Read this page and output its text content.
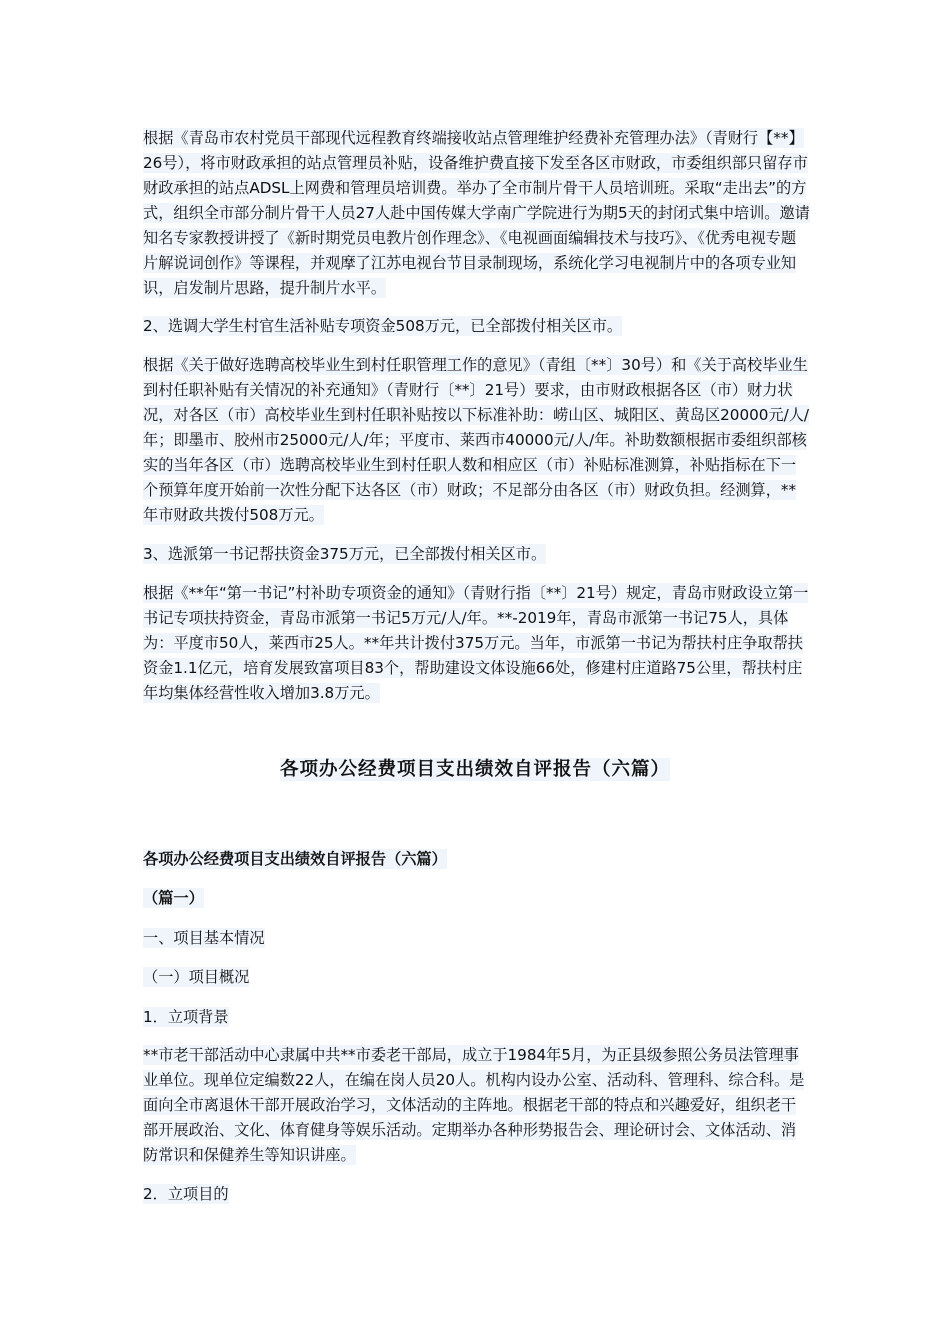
根据《青岛市农村党员干部现代远程教育终端接收站点管理维护经费补充管理办法》（青财行【**】26号），将市财政承担的站点管理员补贴，设备维护费直接下发至各区市财政，市委组织部只留存市财政承担的站点ADSL上网费和管理员培训费。举办了全市制片骨干人员培训班。采取“走出去”的方式，组织全市部分制片骨干人员27人赴中国传媒大学南广学院进行为期5天的封闭式集中培训。邀请知名专家教授讲授了《新时期党员电教片创作理念》、《电视画面编辑技术与技巧》、《优秀电视专题片解说词创作》等课程，并观摩了江苏电视台节目录制现场，系统化学习电视制片中的各项专业知识，启发制片思路，提升制片水平。

2、选调大学生村官生活补贴专项资金508万元，已全部拨付相关区市。

根据《关于做好选聘高校毕业生到村任职管理工作的意见》（青组〔**〕30号）和《关于高校毕业生到村任职补贴有关情况的补充通知》（青财行〔**〕21号）要求，由市财政根据各区（市）财力状况，对各区（市）高校毕业生到村任职补贴按以下标准补助：崂山区、城阳区、黄岛区20000元/人/年；即墨市、胶州市25000元/人/年；平度市、莱西市40000元/人/年。补助数额根据市委组织部核实的当年各区（市）选聘高校毕业生到村任职人数和相应区（市）补贴标准测算，补贴指标在下一个预算年度开始前一次性分配下达各区（市）财政；不足部分由各区（市）财政负担。经测算，**年市财政共拨付508万元。

3、选派第一书记帮扶资金375万元，已全部拨付相关区市。

根据《**年“第一书记”村补助专项资金的通知》（青财行指〔**〕21号）规定，青岛市财政设立第一书记专项扶持资金，青岛市派第一书记5万元/人/年。**-2019年，青岛市派第一书记75人，具体为：平度市50人，莱西市25人。**年共计拨付375万元。当年，市派第一书记为帮扶村庄争取帮扶资金1.1亿元，培育发展致富项目83个，帮助建设文体设施66处，修建村庄道路75公里，帮扶村庄年均集体经营性收入增加3.8万元。

各项办公经费项目支出绩效自评报告（六篇）

各项办公经费项目支出绩效自评报告（六篇）

（篇一）

一、项目基本情况

（一）项目概况

1．立项背景

**市老干部活动中心隶属中共**市委老干部局，成立于1984年5月，为正县级参照公务员法管理事业单位。现单位定编数22人，在编在岗人员20人。机构内设办公室、活动科、管理科、综合科。是面向全市离退休干部开展政治学习，文体活动的主阵地。根据老干部的特点和兴趣爱好，组织老干部开展政治、文化、体育健身等娱乐活动。定期举办各种形势报告会、理论研讨会、文体活动、消防常识和保健养生等知识讲座。

2．立项目的
